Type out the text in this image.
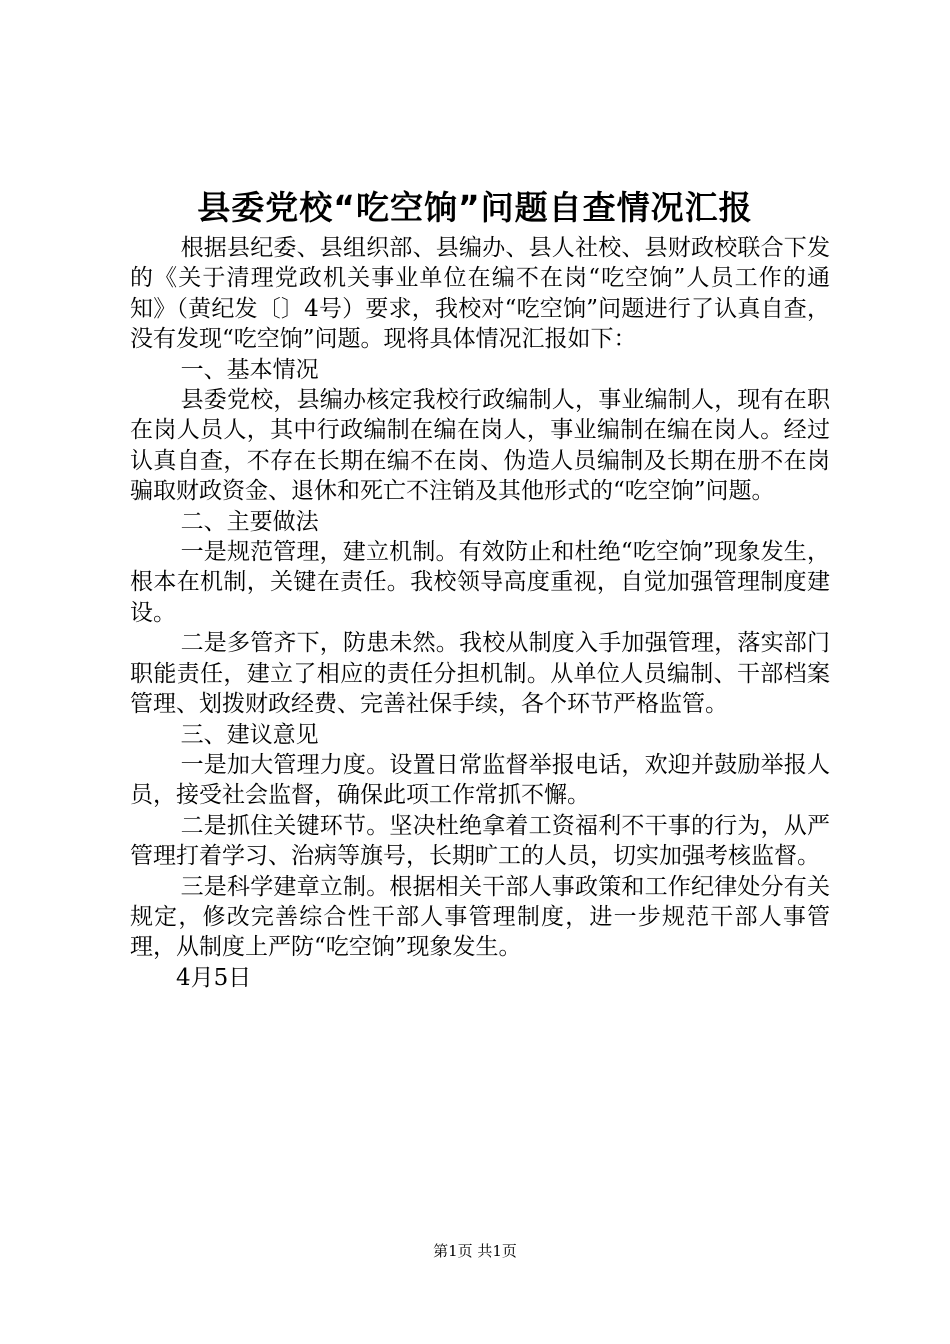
县委党校“吃空饷”问题自查情况汇报

根据县纪委、县组织部、县编办、县人社校、县财政校联合下发的《关于清理党政机关事业单位在编不在岗“吃空饷”人员工作的通知》（黄纪发〔〕4号）要求，我校对“吃空饷”问题进行了认真自查，没有发现“吃空饷”问题。现将具体情况汇报如下：

一、基本情况

县委党校，县编办核定我校行政编制人，事业编制人，现有在职在岗人员人，其中行政编制在编在岗人，事业编制在编在岗人。经过认真自查，不存在长期在编不在岗、伪造人员编制及长期在册不在岗骗取财政资金、退休和死亡不注销及其他形式的“吃空饷”问题。

二、主要做法

一是规范管理，建立机制。有效防止和杜绝“吃空饷”现象发生，根本在机制，关键在责任。我校领导高度重视，自觉加强管理制度建设。

二是多管齐下，防患未然。我校从制度入手加强管理，落实部门职能责任，建立了相应的责任分担机制。从单位人员编制、干部档案管理、划拨财政经费、完善社保手续，各个环节严格监管。

三、建议意见

一是加大管理力度。设置日常监督举报电话，欢迎并鼓励举报人员，接受社会监督，确保此项工作常抓不懈。

二是抓住关键环节。坚决杜绝拿着工资福利不干事的行为，从严管理打着学习、治病等旗号，长期旷工的人员，切实加强考核监督。

三是科学建章立制。根据相关干部人事政策和工作纪律处分有关规定，修改完善综合性干部人事管理制度，进一步规范干部人事管理，从制度上严防“吃空饷”现象发生。

4月5日

第1页 共1页
